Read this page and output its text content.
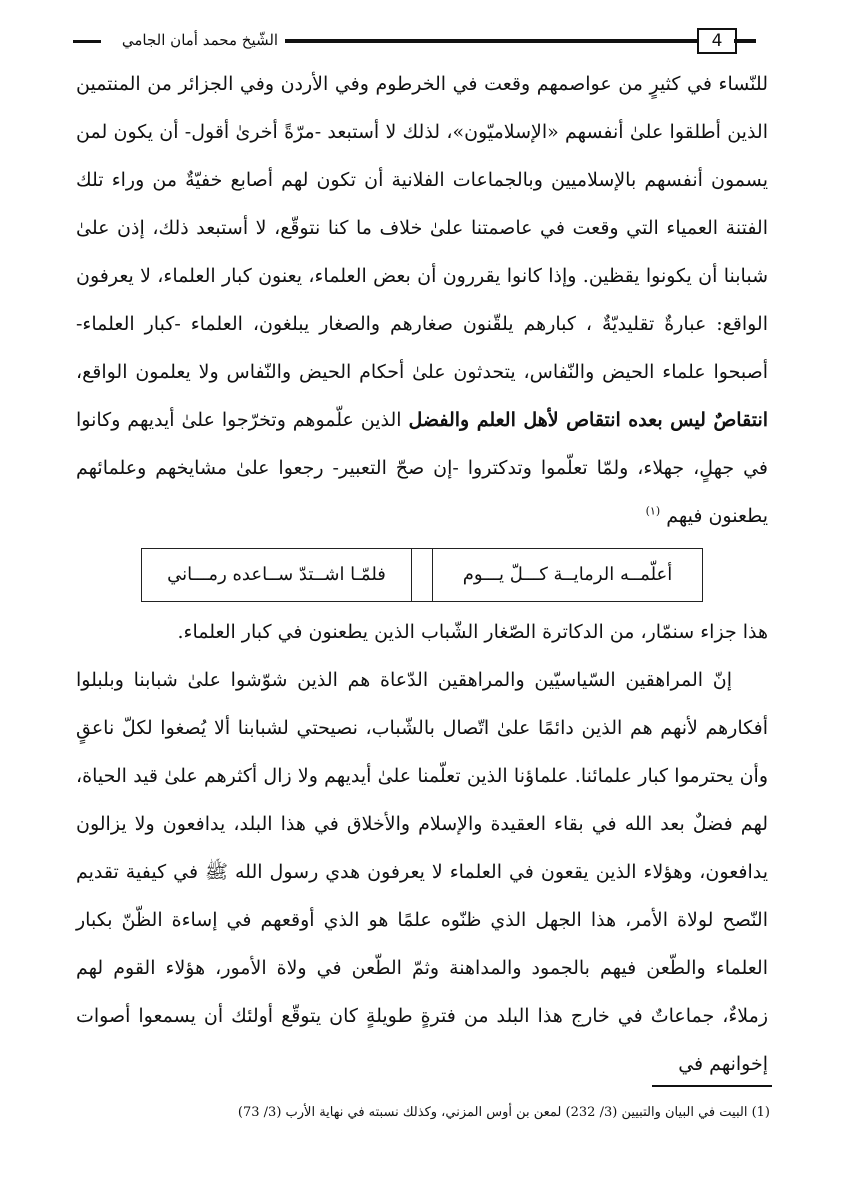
الشّيخ محمد أمان الجامي	4

للنّساء في كثيرٍ من عواصمهم وقعت في الخرطوم وفي الأردن وفي الجزائر من المنتمين الذين أطلقوا علىٰ أنفسهم «الإسلاميّون»، لذلك لا أستبعد -مرّةً أخرىٰ أقول- أن يكون لمن يسمون أنفسهم بالإسلاميين وبالجماعات الفلانية أن تكون لهم أصابع خفيّةٌ من وراء تلك الفتنة العمياء التي وقعت في عاصمتنا علىٰ خلاف ما كنا نتوقّع، لا أستبعد ذلك، إذن علىٰ شبابنا أن يكونوا يقظين. وإذا كانوا يقررون أن بعض العلماء، يعنون كبار العلماء، لا يعرفون الواقع: عبارةٌ تقليديّةٌ ، كبارهم يلقّنون صغارهم والصغار يبلغون، العلماء -كبار العلماء- أصبحوا علماء الحيض والنّفاس، يتحدثون علىٰ أحكام الحيض والنّفاس ولا يعلمون الواقع، انتقاصٌ ليس بعده انتقاص لأهل العلم والفضل الذين علّموهم وتخرّجوا علىٰ أيديهم وكانوا في جهلٍ، جهلاء، ولمّا تعلّموا وتدكتروا -إن صحّ التعبير- رجعوا علىٰ مشايخهم وعلمائهم يطعنون فيهم $^{(١)}$

أعلّمــه الرمايــة كـــلّ يـــوم
فلمّـا اشــتدّ ســاعده رمـــاني

هذا جزاء سنمّار، من الدكاترة الصّغار الشّباب الذين يطعنون في كبار العلماء.

إنّ المراهقين السّياسيّين والمراهقين الدّعاة هم الذين شوّشوا علىٰ شبابنا وبلبلوا أفكارهم لأنهم هم الذين دائمًا علىٰ اتّصال بالشّباب، نصيحتي لشبابنا ألا يُصغوا لكلّ ناعقٍ وأن يحترموا كبار علمائنا. علماؤنا الذين تعلّمنا علىٰ أيديهم ولا زال أكثرهم علىٰ قيد الحياة، لهم فضلٌ بعد الله في بقاء العقيدة والإسلام والأخلاق في هذا البلد، يدافعون ولا يزالون يدافعون، وهؤلاء الذين يقعون في العلماء لا يعرفون هدي رسول الله ﷺ في كيفية تقديم النّصح لولاة الأمر، هذا الجهل الذي ظنّوه علمًا هو الذي أوقعهم في إساءة الظّنّ بكبار العلماء والطّعن فيهم بالجمود والمداهنة وثمّ الطّعن في ولاة الأمور، هؤلاء القوم لهم زملاءٌ، جماعاتٌ في خارج هذا البلد من فترةٍ طويلةٍ كان يتوقّع أولئك أن يسمعوا أصوات إخوانهم في

(1) البيت في البيان والتبيين (3/ 232) لمعن بن أوس المزني، وكذلك نسبته في نهاية الأرب (3/ 73)
